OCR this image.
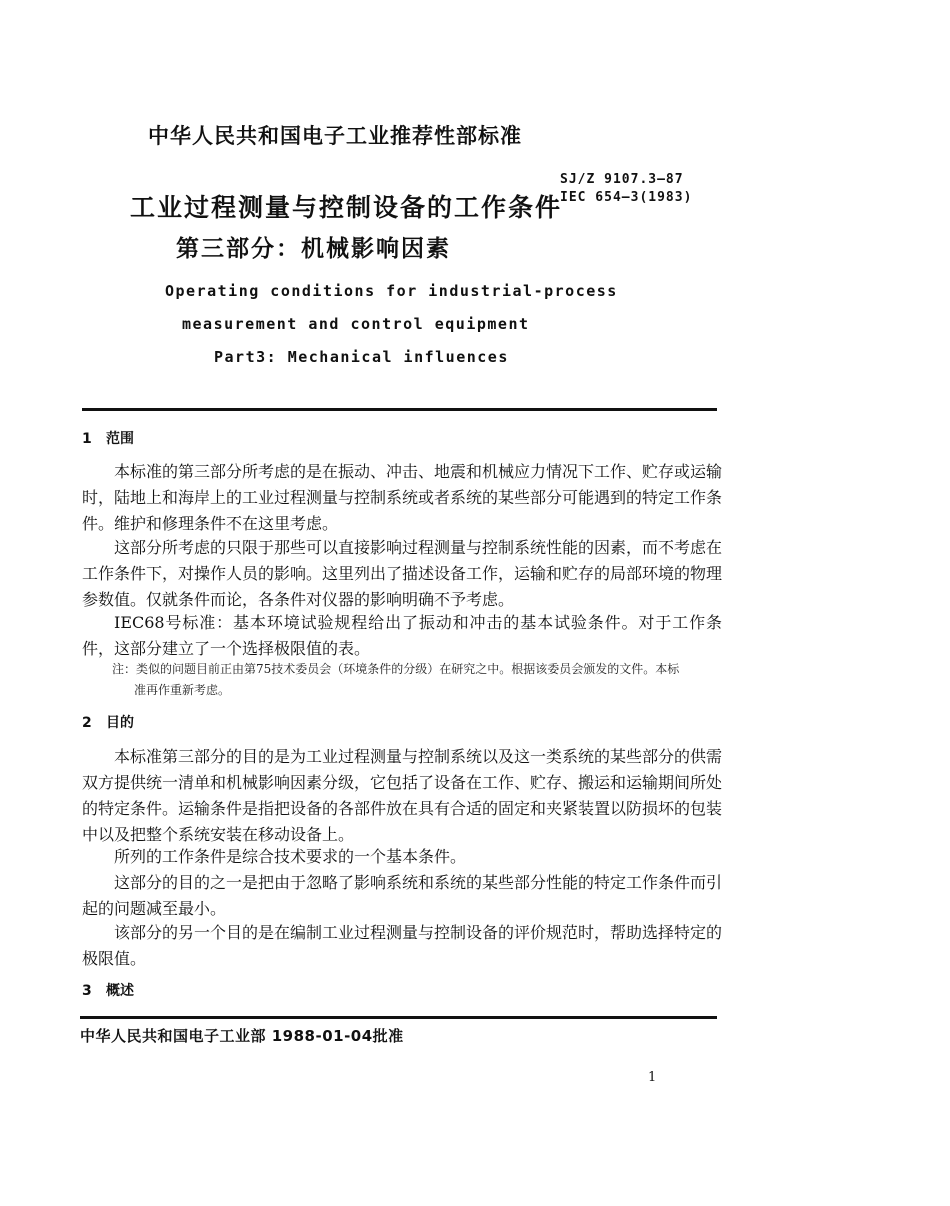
中华人民共和国电子工业推荐性部标准
SJ/Z 9107.3—87
IEC 654—3(1983)
工业过程测量与控制设备的工作条件
第三部分：机械影响因素
Operating conditions for industrial-process
measurement and control equipment
Part3: Mechanical influences
1 范围
本标准的第三部分所考虑的是在振动、冲击、地震和机械应力情况下工作、贮存或运输时，陆地上和海岸上的工业过程测量与控制系统或者系统的某些部分可能遇到的特定工作条件。维护和修理条件不在这里考虑。
这部分所考虑的只限于那些可以直接影响过程测量与控制系统性能的因素，而不考虑在工作条件下，对操作人员的影响。这里列出了描述设备工作，运输和贮存的局部环境的物理参数值。仅就条件而论，各条件对仪器的影响明确不予考虑。
IEC68号标准：基本环境试验规程给出了振动和冲击的基本试验条件。对于工作条件，这部分建立了一个选择极限值的表。
注：类似的问题目前正由第75技术委员会（环境条件的分级）在研究之中。根据该委员会颁发的文件。本标
准再作重新考虑。
2 目的
本标准第三部分的目的是为工业过程测量与控制系统以及这一类系统的某些部分的供需双方提供统一清单和机械影响因素分级，它包括了设备在工作、贮存、搬运和运输期间所处的特定条件。运输条件是指把设备的各部件放在具有合适的固定和夹紧装置以防损坏的包装中以及把整个系统安装在移动设备上。
所列的工作条件是综合技术要求的一个基本条件。
这部分的目的之一是把由于忽略了影响系统和系统的某些部分性能的特定工作条件而引起的问题减至最小。
该部分的另一个目的是在编制工业过程测量与控制设备的评价规范时，帮助选择特定的极限值。
3 概述
中华人民共和国电子工业部 1988-01-04批准
1
